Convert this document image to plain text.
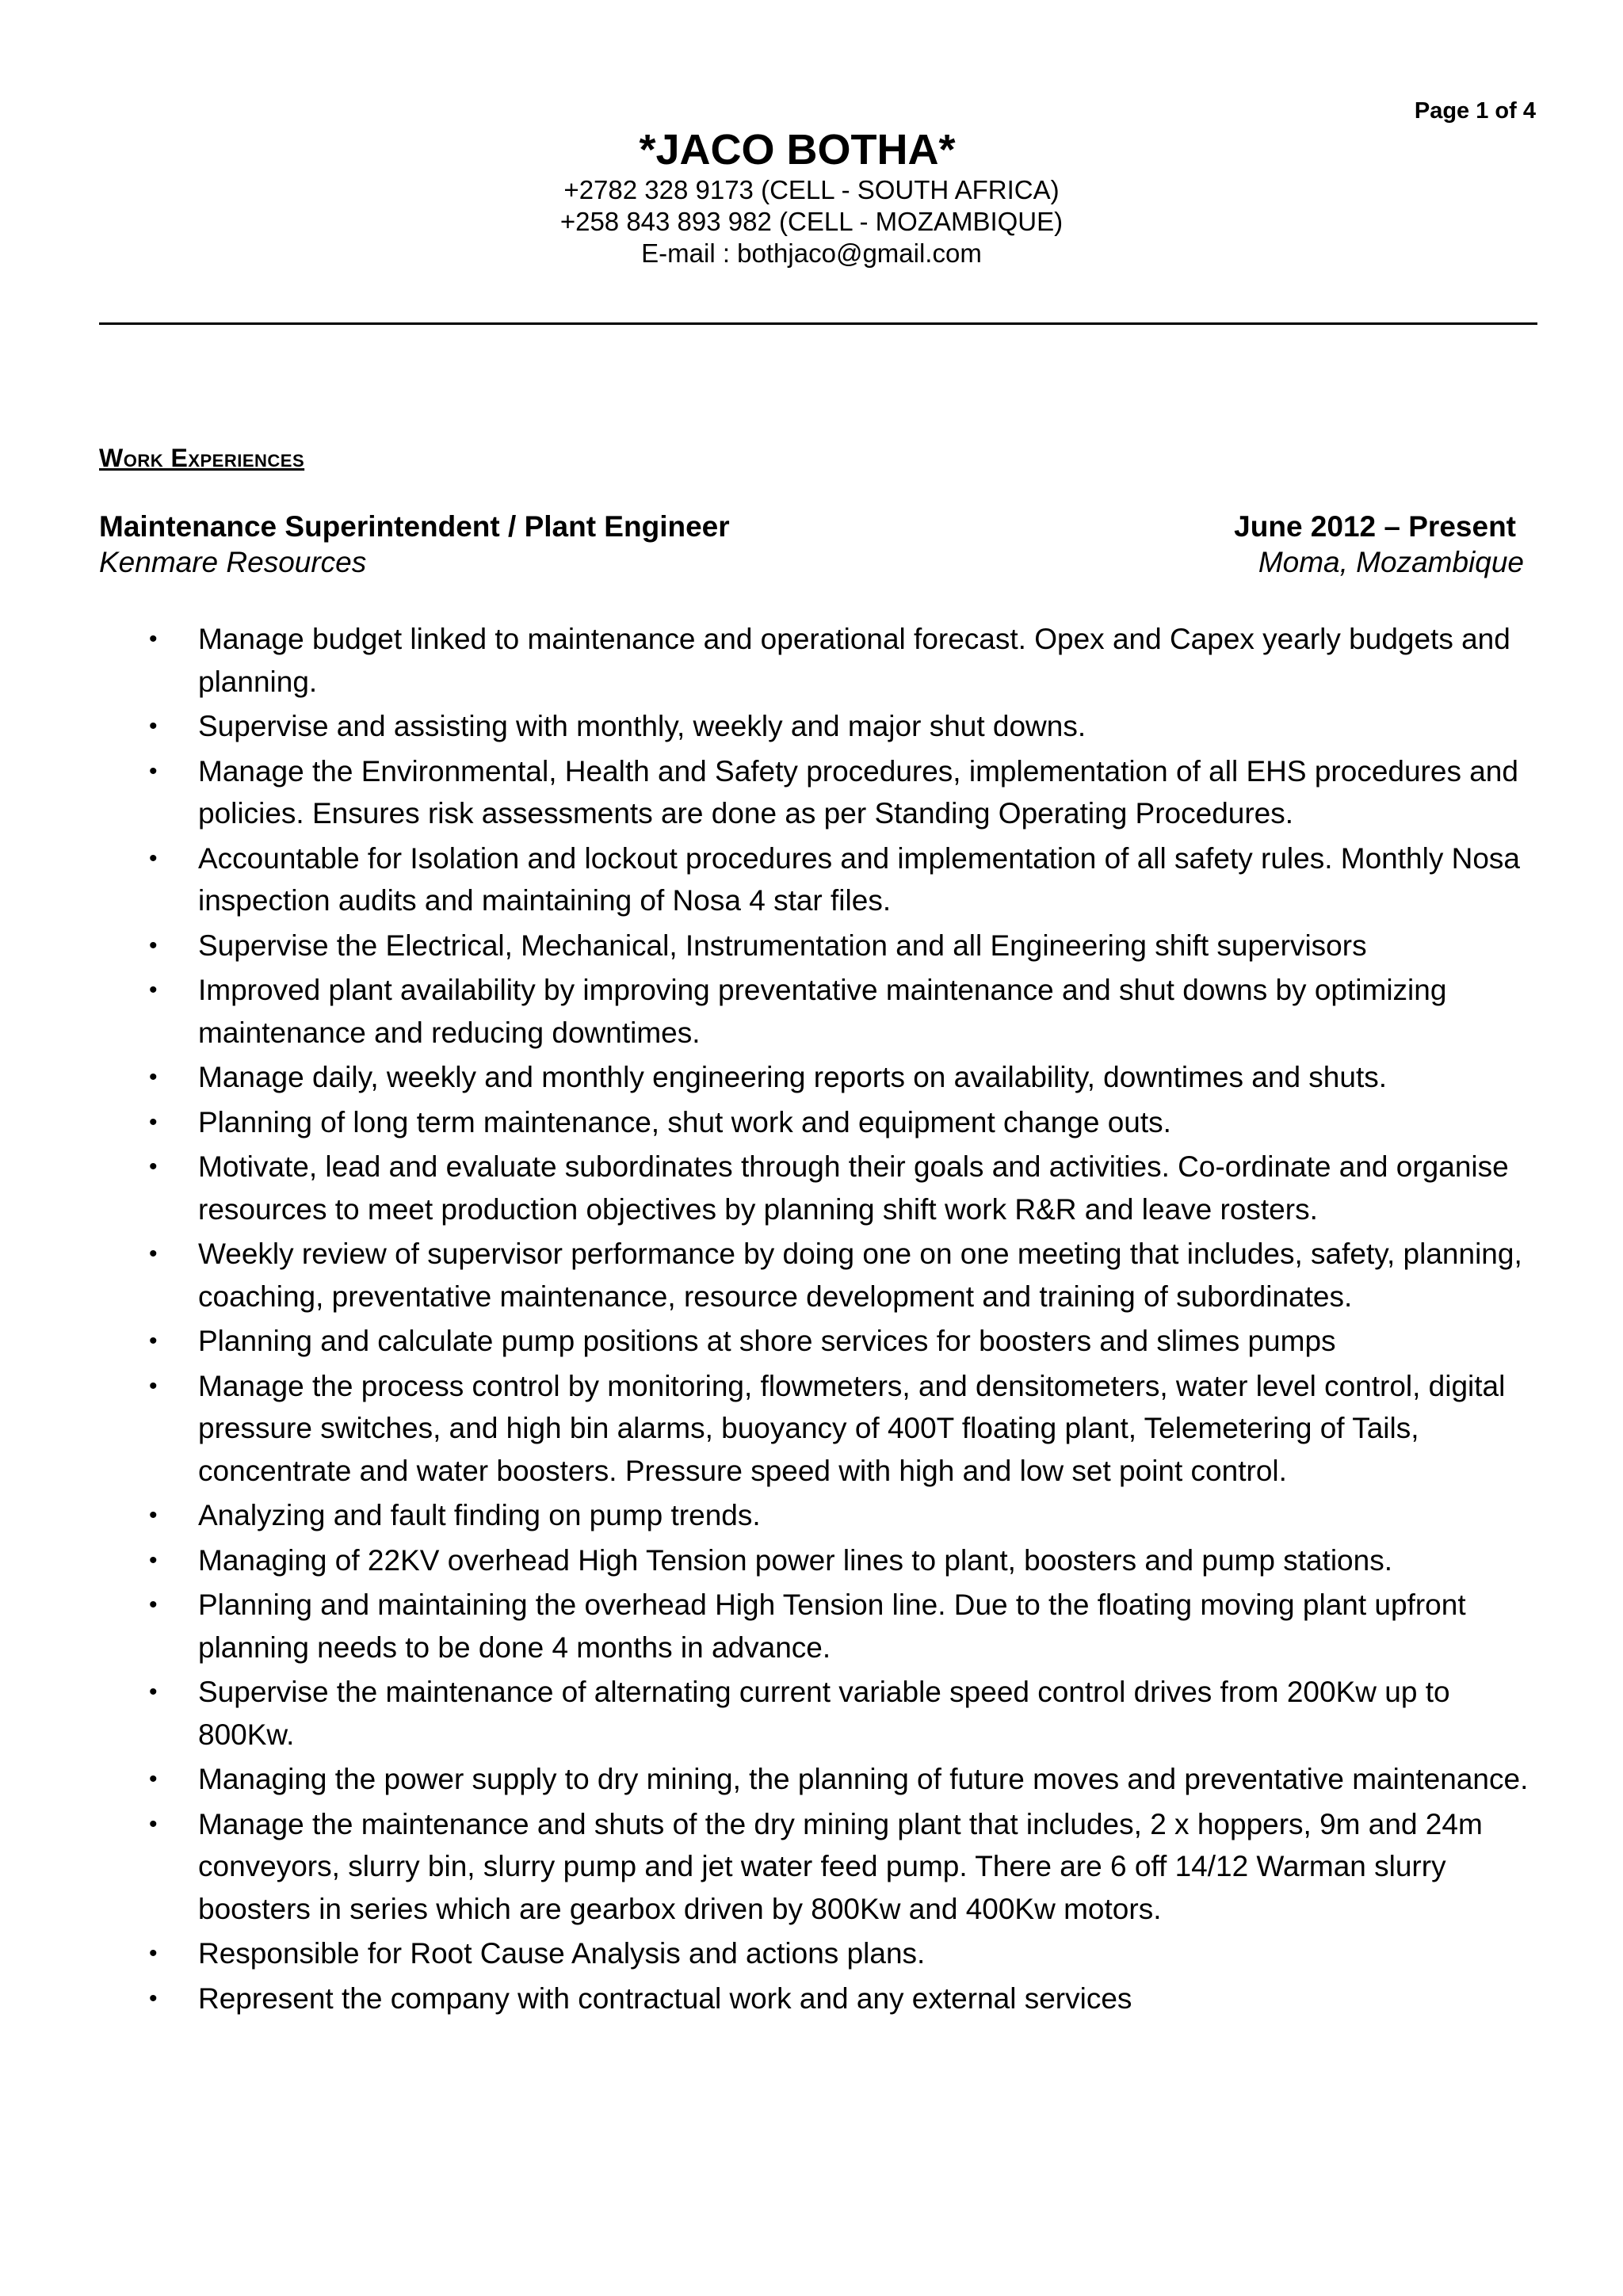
Page 1 of 4
*JACO BOTHA*
+2782 328 9173 (CELL - SOUTH AFRICA)
+258 843 893 982 (CELL - MOZAMBIQUE)
E-mail : bothjaco@gmail.com
Work Experiences
Maintenance Superintendent / Plant Engineer	June 2012 – Present
Kenmare Resources	Moma, Mozambique
• Manage budget linked to maintenance and operational forecast. Opex and Capex yearly budgets and planning.
• Supervise and assisting with monthly, weekly and major shut downs.
• Manage the Environmental, Health and Safety procedures, implementation of all EHS procedures and policies. Ensures risk assessments are done as per Standing Operating Procedures.
• Accountable for Isolation and lockout procedures and implementation of all safety rules. Monthly Nosa inspection audits and maintaining of Nosa 4 star files.
• Supervise the Electrical, Mechanical, Instrumentation and all Engineering shift supervisors
• Improved plant availability by improving preventative maintenance and shut downs by optimizing maintenance and reducing downtimes.
• Manage daily, weekly and monthly engineering reports on availability, downtimes and shuts.
• Planning of long term maintenance, shut work and equipment change outs.
• Motivate, lead and evaluate subordinates through their goals and activities. Co-ordinate and organise resources to meet production objectives by planning shift work R&R and leave rosters.
• Weekly review of supervisor performance by doing one on one meeting that includes, safety, planning, coaching, preventative maintenance, resource development and training of subordinates.
• Planning and calculate pump positions at shore services for boosters and slimes pumps
• Manage the process control by monitoring, flowmeters, and densitometers, water level control, digital pressure switches, and high bin alarms, buoyancy of 400T floating plant, Telemetering of Tails, concentrate and water boosters. Pressure speed with high and low set point control.
• Analyzing and fault finding on pump trends.
• Managing of 22KV overhead High Tension power lines to plant, boosters and pump stations.
• Planning and maintaining the overhead High Tension line. Due to the floating moving plant upfront planning needs to be done 4 months in advance.
• Supervise the maintenance of alternating current variable speed control drives from 200Kw up to 800Kw.
• Managing the power supply to dry mining, the planning of future moves and preventative maintenance.
• Manage the maintenance and shuts of the dry mining plant that includes, 2 x hoppers, 9m and 24m conveyors, slurry bin, slurry pump and jet water feed pump. There are 6 off 14/12 Warman slurry boosters in series which are gearbox driven by 800Kw and 400Kw motors.
• Responsible for Root Cause Analysis and actions plans.
• Represent the company with contractual work and any external services
